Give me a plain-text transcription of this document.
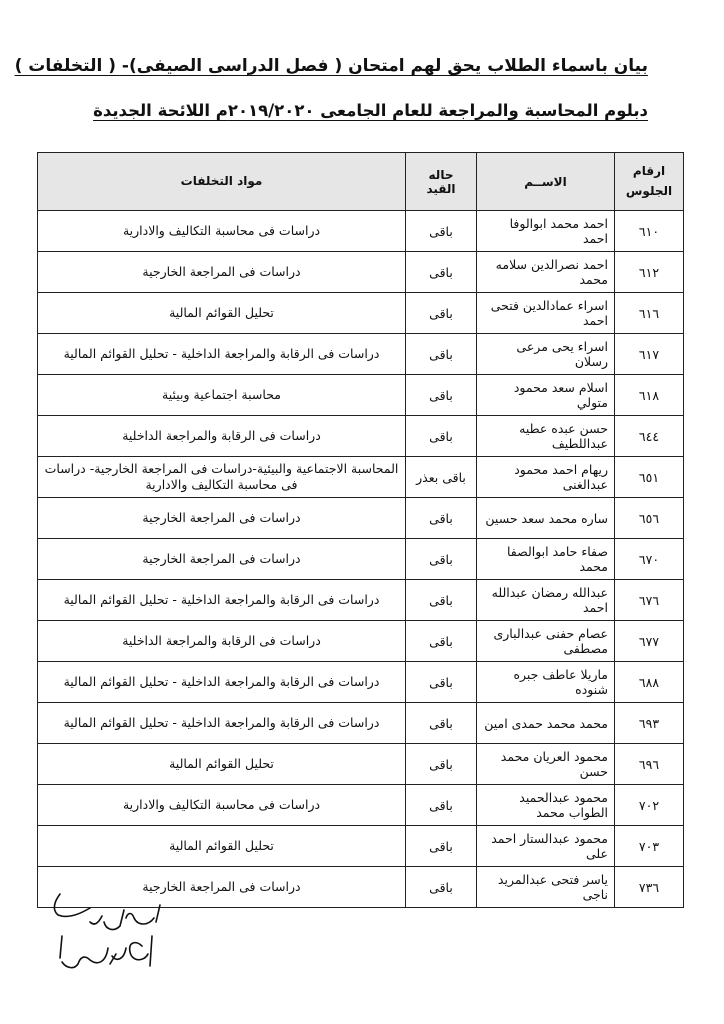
بيان باسماء الطلاب يحق لهم امتحان ( فصل الدراسى الصيفى)- ( التخلفات )
دبلوم المحاسبة والمراجعة للعام الجامعى ٢٠١٩/٢٠٢٠م اللائحة الجديدة
ارقام
الجلوس	الاســم	حاله القيد	مواد التخلفات
٦١٠	احمد محمد ابوالوفا احمد	باقى	دراسات فى محاسبة التكاليف والادارية
٦١٢	احمد نصرالدين سلامه محمد	باقى	دراسات فى المراجعة الخارجية
٦١٦	اسراء عمادالدين فتحى احمد	باقى	تحليل القوائم المالية
٦١٧	اسراء يحى مرعى رسلان	باقى	دراسات فى الرقابة والمراجعة الداخلية - تحليل القوائم المالية
٦١٨	اسلام سعد محمود متولي	باقى	محاسبة اجتماعية وبيئية
٦٤٤	حسن عبده عطيه عبداللطيف	باقى	دراسات فى الرقابة والمراجعة الداخلية
٦٥١	ريهام احمد محمود عبدالغنى	باقى بعذر	المحاسبة الاجتماعية والبيئية-دراسات فى المراجعة الخارجية- دراسات فى محاسبة التكاليف والادارية
٦٥٦	ساره محمد سعد حسين	باقى	دراسات فى المراجعة الخارجية
٦٧٠	صفاء حامد ابوالصفا محمد	باقى	دراسات فى المراجعة الخارجية
٦٧٦	عبدالله رمضان عبدالله احمد	باقى	دراسات فى الرقابة والمراجعة الداخلية - تحليل القوائم المالية
٦٧٧	عصام حفنى عبدالبارى مصطفى	باقى	دراسات فى الرقابة والمراجعة الداخلية
٦٨٨	ماريلا عاطف جبره شنوده	باقى	دراسات فى الرقابة والمراجعة الداخلية - تحليل القوائم المالية
٦٩٣	محمد محمد حمدى امين	باقى	دراسات فى الرقابة والمراجعة الداخلية - تحليل القوائم المالية
٦٩٦	محمود العريان محمد حسن	باقى	تحليل القوائم المالية
٧٠٢	محمود عبدالحميد الطواب محمد	باقى	دراسات فى محاسبة التكاليف والادارية
٧٠٣	محمود عبدالستار احمد على	باقى	تحليل القوائم المالية
٧٣٦	ياسر فتحى عبدالمريد ناجى	باقى	دراسات فى المراجعة الخارجية
